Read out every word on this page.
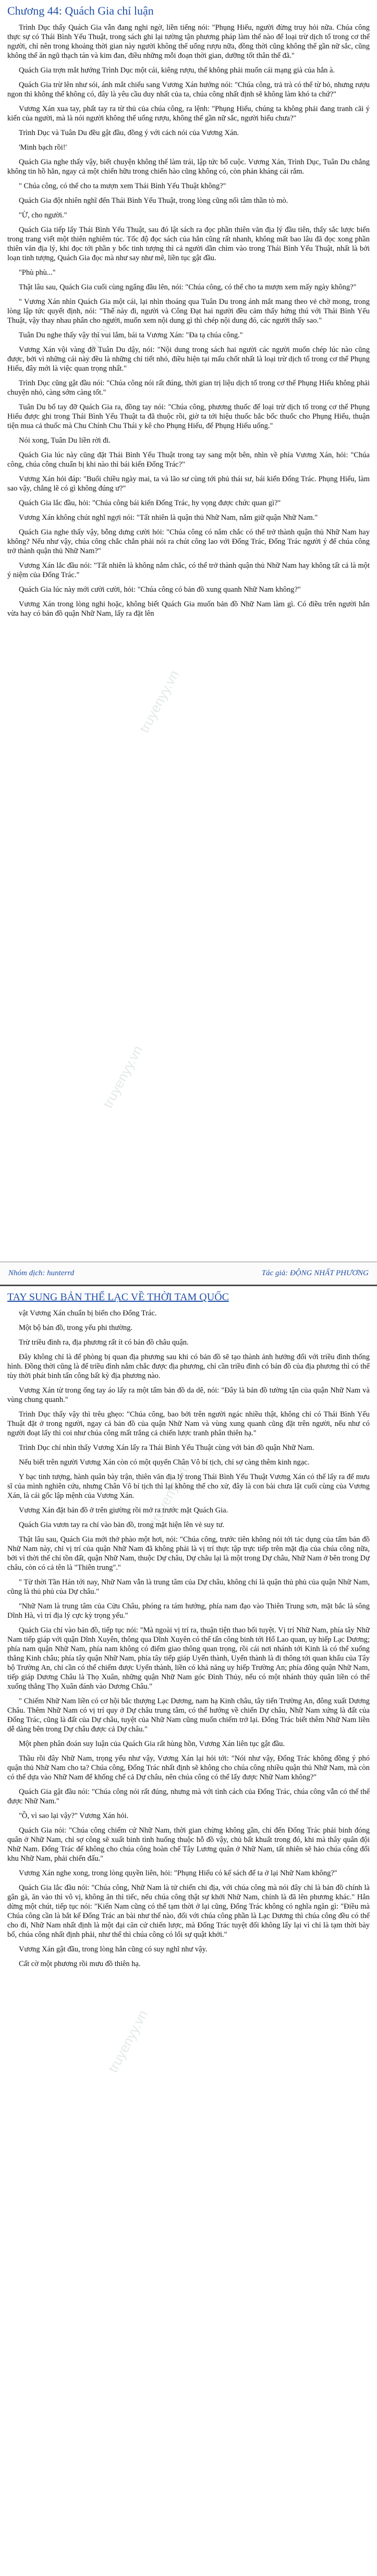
Chương 44: Quách Gia chỉ luận

Trình Dục thấy Quách Gia vẫn đang nghi ngờ, liền tiếng nói: "Phụng Hiếu, người đừng truy hỏi nữa. Chúa công thực sự có Thái Bình Yếu Thuật, trong sách ghi lại tường tận phương pháp làm thế nào để loại trừ dịch tố trong cơ thể người, chỉ nên trong khoảng thời gian này người không thể uống rượu nữa, đồng thời cũng không thể gần nữ sắc, cũng không thể ăn ngũ thạch tán và kim đan, điều những mỗi đoạn thời gian, dưỡng tốt thân thể đã."

Quách Gia trợn mắt hướng Trình Dục một cái, kiêng rượu, thế không phải muốn cái mạng già của hắn à.

Quách Gia trừ lên như sói, ánh mắt chiếu sang Vương Xán hướng nói: "Chúa công, trả trà có thể từ bỏ, nhưng rượu ngon thì không thể không có, đây là yêu cầu duy nhất của ta, chúa công nhất định sẽ không làm khó ta chứ?"

Vương Xán xua tay, phất tay ra từ thủ của chúa công, ra lệnh: "Phụng Hiếu, chúng ta không phải đang tranh cãi ý kiến của người, mà là nói người không thể uống rượu, không thể gần nữ sắc, người hiểu chưa?"

Trình Dục và Tuân Du đều gật đầu, đồng ý với cách nói của Vương Xán.

'Minh bạch rồi!'

Quách Gia nghe thấy vậy, biết chuyện không thể làm trái, lập tức bổ cuộc. Vương Xán, Trình Dục, Tuân Du chẳng không tin hồ hằn, ngay cả một chiến hữu trong chiến hào cũng không có, còn phản kháng cái rắm.

" Chúa công, có thể cho ta mượn xem Thái Bình Yếu Thuật không?"

Quách Gia đột nhiên nghĩ đến Thái Bình Yếu Thuật, trong lòng cũng nổi tâm thần tò mò.

"Ừ, cho người."

Quách Gia tiếp lấy Thái Bình Yếu Thuật, sau đó lật sách ra đọc phần thiên văn địa lý đầu tiên, thấy sắc lược biển trong trang viết một thiên nghiêm túc. Tốc độ đọc sách của hắn cũng rất nhanh, không mất bao lâu đã đọc xong phần thiên văn địa lý, khi đọc tới phần y bốc tinh tượng thì cả người dần chìm vào trong Thái Bình Yếu Thuật, nhất là bởi loạn tinh tượng, Quách Gia đọc mà như say như mê, liền tục gật đầu.

"Phù phù..."

Thật lâu sau, Quách Gia cuối cùng ngẩng đầu lên, nói: "Chúa công, có thể cho ta mượn xem mấy ngày không?"

" Vương Xán nhìn Quách Gia một cái, lại nhìn thoáng qua Tuân Du trong ánh mắt mang theo vẻ chờ mong, trong lòng lập tức quyết định, nói: "Thế này đi, người và Công Đạt hai người đều cảm thấy hứng thú với Thái Bình Yếu Thuật, vậy thay nhau phân cho người, muốn xem nội dung gì thì chép nội dung đó, các người thấy sao."

Tuân Du nghe thấy vậy thì vui lắm, bái ta Vương Xán: "Đa tạ chúa công."

Vương Xán vội vàng đỡ Tuân Du dậy, nói: "Nội dung trong sách hai người các người muốn chép lúc nào cũng được, bởi vì những cái này đều là những chỉ tiết nhỏ, điều hiện tại mấu chốt nhất là loại trừ dịch tố trong cơ thể Phụng Hiếu, đây mới là việc quan trọng nhất."

Trình Dục cũng gật đầu nói: "Chúa công nói rất đúng, thời gian trị liệu dịch tố trong cơ thể Phụng Hiếu không phải chuyện nhỏ, càng sớm càng tốt."

Tuân Du bổ tay đỡ Quách Gia ra, đồng tay nói: "Chúa công, phương thuốc để loại trừ dịch tố trong cơ thể Phụng Hiếu được ghi trong Thái Bình Yếu Thuật ta đã thuộc rồi, giờ ta tới hiệu thuốc bắc bốc thuốc cho Phụng Hiếu, thuận tiện mua cả thuốc mà Chu Chính Chu Thái y kê cho Phụng Hiếu, để Phụng Hiếu uống."

Nói xong, Tuân Du liền rời đi.

Quách Gia lúc này cũng đặt Thái Bình Yếu Thuật trong tay sang một bên, nhìn về phía Vương Xán, hỏi: "Chúa công, chúa công chuẩn bị khi nào thì bái kiến Đổng Trác?"

Vương Xán hỏi đáp: "Buổi chiều ngày mai, ta và lão sư cùng tới phủ thái sư, bái kiến Đổng Trác. Phụng Hiếu, làm sao vậy, chẳng lẽ có gì không đúng ư?"

Quách Gia lắc đầu, hỏi: "Chúa công bái kiến Đổng Trác, hy vọng được chức quan gì?"

Vương Xán không chút nghĩ ngợi nói: "Tất nhiên là quận thủ Nhữ Nam, nắm giữ quận Nhữ Nam."

Quách Gia nghe thấy vậy, bỗng dưng cười hỏi: "Chúa công có nắm chắc có thể trở thành quận thủ Nhữ Nam hay không? Nếu như vậy, chúa công chắc chắn phải nói ra chút công lao với Đổng Trác, Đổng Trác người ý để chúa công trở thành quận thủ Nhữ Nam?"

Vương Xán lắc đầu nói: "Tất nhiên là không nắm chắc, có thể trở thành quận thủ Nhữ Nam hay không tất cả là một ý niệm của Đổng Trác."

Quách Gia lúc này mới cười cười, hỏi: "Chúa công có bản đồ xung quanh Nhữ Nam không?"

Vương Xán trong lòng nghi hoặc, không biết Quách Gia muốn bản đồ Nhữ Nam làm gì. Có điều trên người hắn vừa hay có bản đồ quận Nhữ Nam, lấy ra đặt lên

Nhóm dịch: hunterrd	Tác giả: ĐỘNG NHẤT PHƯƠNG
TAY SUNG BẢN THỂ LẠC VỀ THỜI TAM QUỐC

vật Vương Xán chuẩn bị biến cho Đổng Trác.

Một bộ bản đồ, trong yếu phi thường.

Trừ triều đình ra, địa phương rất ít có bản đồ châu quận.

Đây không chỉ là để phòng bị quan địa phương sau khi có bản đồ sẽ tạo thành ảnh hưởng đối với triều đình thống hình. Đồng thời cũng là để triều đình nắm chắc được địa phương, chỉ cần triều đình có bản đồ của địa phương thì có thể tùy thời phát binh tấn công bất kỳ địa phương nào.

Vương Xán từ trong ống tay áo lấy ra một tấm bản đồ da dê, nói: "Đây là bản đồ tường tận của quận Nhữ Nam và vùng chung quanh."

Trình Dục thấy vậy thì trêu ghẹo: "Chúa công, bao bởi trên người ngác nhiều thật, không chỉ có Thái Bình Yếu Thuật đặt ở trong người, ngay cả bản đồ của quận Nhữ Nam và vùng xung quanh cũng đặt trên người, nếu như có người đoạt lấy thì coi như chúa công mất trắng cả chiến lược tranh phân thiên hạ."

Trình Dục chỉ nhìn thấy Vương Xán lấy ra Thái Bình Yếu Thuật cùng với bản đồ quận Nhữ Nam.

Nếu biết trên người Vương Xán còn có một quyển Chân Vô bí tịch, chỉ sợ càng thêm kinh ngạc.

Y bạc tinh tượng, hành quân bày trận, thiên văn địa lý trong Thái Bình Yếu Thuật Vương Xán có thể lấy ra để mưu sĩ của mình nghiên cứu, nhưng Chân Vô bí tịch thì lại không thể cho xử, đây là con bài chưa lật cuối cùng của Vương Xán, là cái gốc lập mệnh của Vương Xán.

Vương Xán đặt bản đồ ở trên giường rồi mở ra trước mặt Quách Gia.

Quách Gia vươn tay ra chỉ vào bản đồ, trong mặt hiện lên vẻ suy tư.

Thật lâu sau, Quách Gia mới thở phào một hơi, nói: "Chúa công, trước tiên không nói tới tác dụng của tấm bản đồ Nhữ Nam này, chỉ vị trí của quận Nhữ Nam đã không phải là vị trí thực tập trực tiếp trên mặt địa của chúa công nữa, bởi vì thời thế chỉ tồn đất, quận Nhữ Nam, thuộc Dự châu, Dự châu lại là một trong Dự châu, Nhữ Nam ở bên trong Dự châu, còn có cả tên là "Thiên trung"."

" Từ thời Tần Hán tới nay, Nhữ Nam vẫn là trung tâm của Dự châu, không chỉ là quận thủ phủ của quận Nhữ Nam, cũng là thủ phủ của Dự châu."

"Nhữ Nam là trung tâm của Cửu Châu, phóng ra tám hướng, phía nam đạo vào Thiên Trung sơn, mặt bắc là sông Dĩnh Hà, vì trí địa lý cực kỳ trọng yếu."

Quách Gia chỉ vào bản đồ, tiếp tục nói: "Mà ngoài vị trí ra, thuận tiện thao bối tuyệt. Vị trí Nhữ Nam, phía tây Nhữ Nam tiếp giáp với quận Dĩnh Xuyên, thông qua Dĩnh Xuyên có thể tấn công binh tới Hổ Lao quan, uy hiếp Lạc Dương; phía nam quận Nhữ Nam, phía nam không có điểm giao thông quan trọng, rồi cái nơi nhánh tới Kinh là có thể xuống thẳng Kinh châu; phía tây quận Nhữ Nam, phía tây tiếp giáp Uyển thành, Uyển thành là đi thông tới quan khẩu của Tây bộ Trường An, chỉ cần có thể chiếm được Uyển thành, liền có khả năng uy hiếp Trường An; phía đông quận Nhữ Nam, tiếp giáp Dương Châu là Thọ Xuân, những quận Nhữ Nam góc Đình Thủy, nếu có một nhánh thủy quân liền có thể xuống thẳng Thọ Xuân đánh vào Dương Châu."

" Chiếm Nhữ Nam liền có cơ hội bắc thượng Lạc Dương, nam hạ Kinh châu, tây tiến Trường An, đông xuất Dương Châu. Thêm Nhữ Nam có vị trí quy ở Dự châu trung tâm, có thể hướng về chiến Dự châu, Nhữ Nam xứng là đất của Đổng Trác, cũng là đất của Dự châu, tuyệt của Nhữ Nam cũng muốn chiếm trở lại. Đổng Trác biết thêm Nhữ Nam liền dễ dàng bên trong Dự châu được cả Dự châu."

Một phen phân đoán suy luận của Quách Gia rất hùng hồn, Vương Xán liên tục gật đầu.

Thầu rồi đây Nhữ Nam, trọng yếu như vậy, Vương Xán lại hỏi tới: "Nói như vậy, Đổng Trác không đồng ý phó quận thủ Nhữ Nam cho ta? Chúa công, Đổng Trác nhất định sẽ không cho chúa công nhiều quận thủ Nhữ Nam, mà còn có thể dựa vào Nhữ Nam để khống chế cả Dự châu, nên chúa công có thể lấy được Nhữ Nam không?"

Quách Gia gật đầu nói: "Chúa công nói rất đúng, nhưng mà với tình cách của Đổng Trác, chúa công vẫn có thể thể được Nhữ Nam."

"Ồ, vì sao lại vậy?" Vương Xán hỏi.

Quách Gia nói: "Chúa công chiếm cứ Nhữ Nam, thời gian chừng không gần, chỉ đến Đổng Trác phải binh đóng quân ở Nhữ Nam, chỉ sợ công sẽ xuất binh tình huống thuộc hỗ đồ vậy, chủ bất khuất trong đó, khi mà thây quân đội Nhữ Nam. Đổng Trác để không cho chúa công hoàn chế Tây Lương quân ở Nhữ Nam, tất nhiên sẽ hảo chúa công đối khu Nhữ Nam, phải chiến đấu."

Vương Xán nghe xong, trong lòng quyền liên, hỏi: "Phụng Hiếu có kế sách để ta ở lại Nhữ Nam không?"

Quách Gia lắc đầu nói: "Chúa công, Nhữ Nam là tử chiến chi địa, với chúa công mà nói đây chỉ là bản đồ chính là gân gà, ăn vào thì vô vị, không ăn thì tiếc, nếu chúa công thật sự khởi Nhữ Nam, chính là đã lên phương khác." Hắn dừng một chút, tiếp tục nói: "Kiến Nam cũng có thể tạm thời ở lại cũng, Đổng Trác không có nghĩa ngăn gì: "Điều mà Chúa công cần là bắt kế Đổng Trác an bài như thế nào, đối với chúa công phần là Lạc Dương thì chúa công đều có thể cho đi, Nhữ Nam nhất định là một đại căn cứ chiến lược, mà Đổng Trác tuyệt đối không lấy lại vì chỉ là tạm thời bày bố, chúa công nhất định phải, như thế thì chúa công có lối sự quật khởi."

Vương Xán gật đầu, trong lòng hắn cũng có suy nghĩ như vậy.

Cất cờ một phương rồi mưu đồ thiên hạ.

truyenyy.vn
truyenyy.vn
truyenyy.vn
truyenyy.vn
truyenyy.vn
